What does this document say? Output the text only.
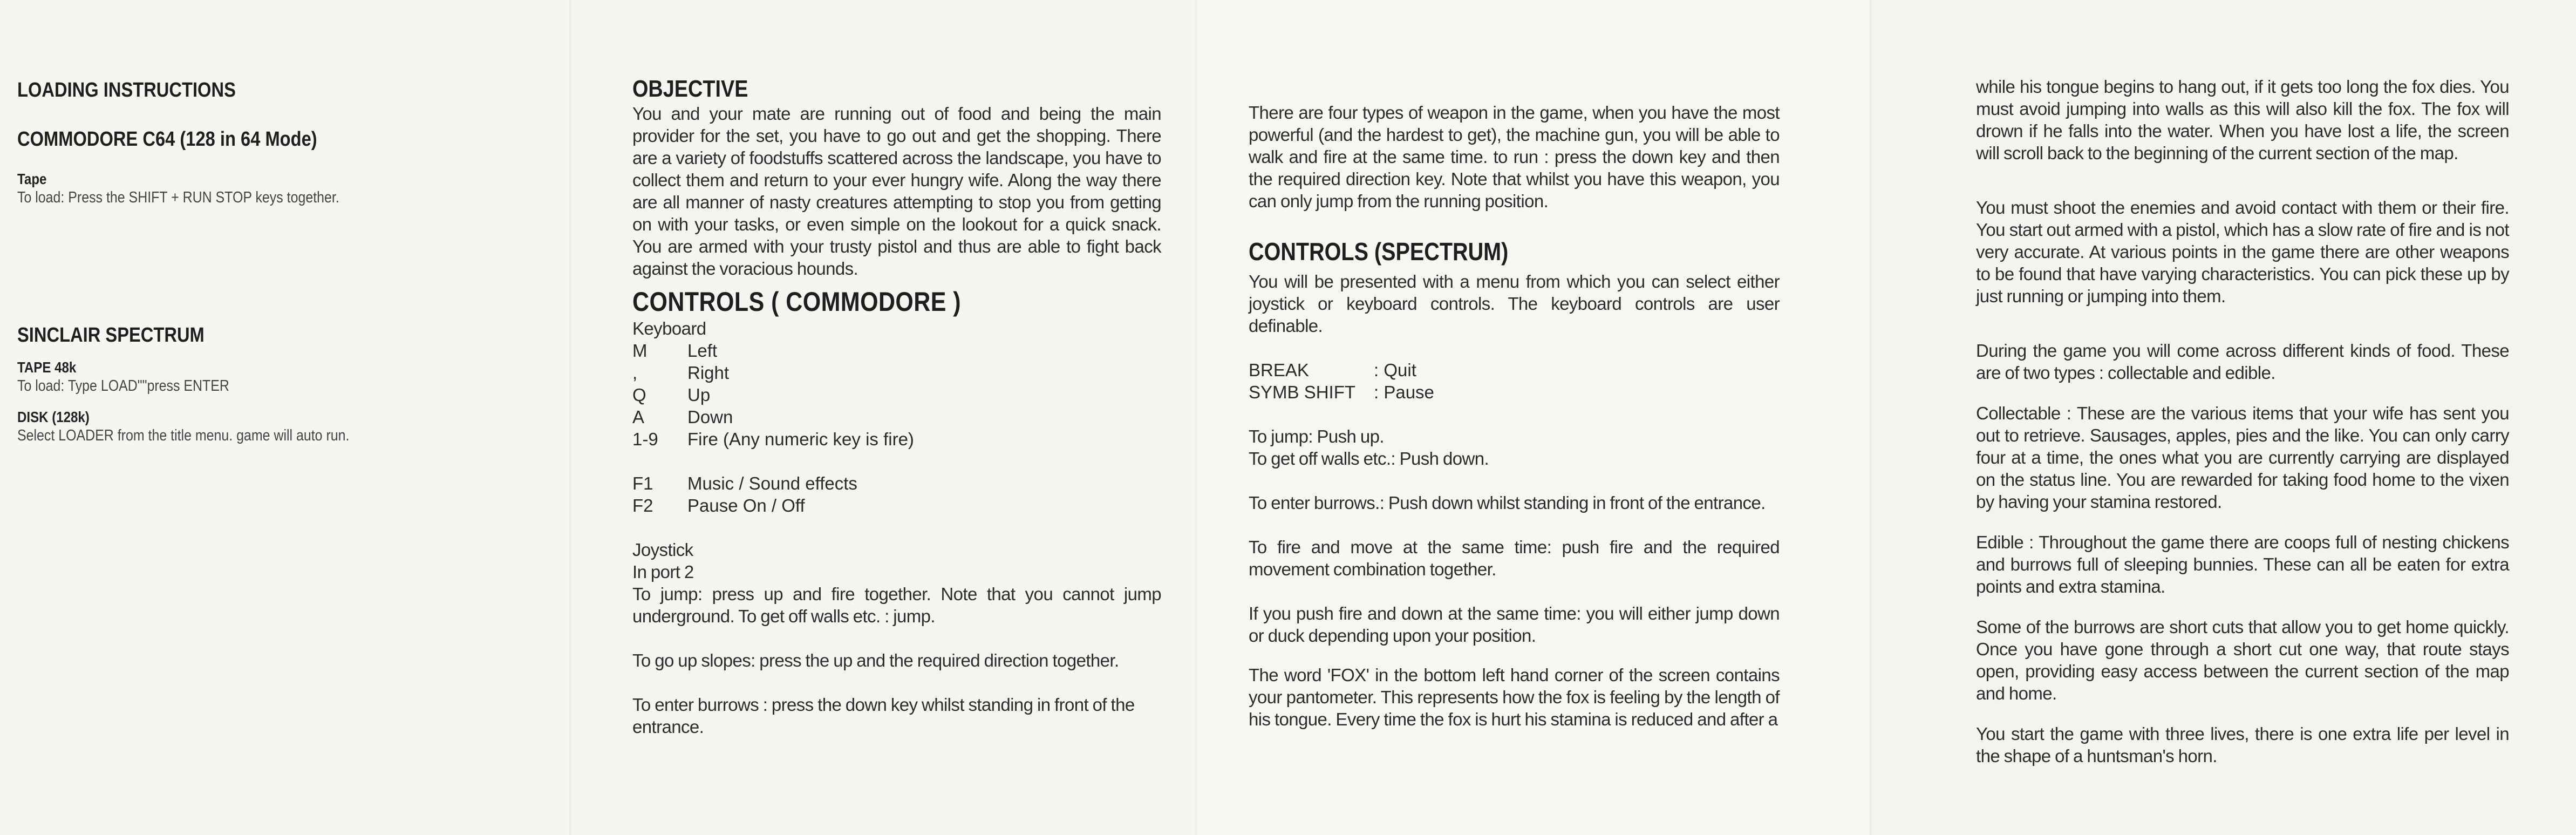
LOADING INSTRUCTIONS
COMMODORE C64 (128 in 64 Mode)

Tape

To load: Press the SHIFT + RUN STOP keys together.

SINCLAIR SPECTRUM

TAPE 48k

To load: Type LOAD""press ENTER

DISK (128k)

Select LOADER from the title menu. game will auto run.

OBJECTIVE

You and your mate are running out of food and being the main provider for the set, you have to go out and get the shopping. There are a variety of foodstuffs scattered across the landscape, you have to collect them and return to your ever hungry wife. Along the way there are all manner of nasty creatures attempting to stop you from getting on with your tasks, or even simple on the lookout for a quick snack. You are armed with your trusty pistol and thus are able to fight back against the voracious hounds.

CONTROLS ( COMMODORE )

Keyboard

M	Left
,	Right
Q	Up
A	Down
1-9	Fire (Any numeric key is fire)
F1	Music / Sound effects
F2	Pause On / Off

Joystick

In port 2

To jump: press up and fire together. Note that you cannot jump underground. To get off walls etc. : jump.

To go up slopes: press the up and the required direction together.

To enter burrows : press the down key whilst standing in front of the entrance.

There are four types of weapon in the game, when you have the most powerful (and the hardest to get), the machine gun, you will be able to walk and fire at the same time. to run : press the down key and then the required direction key. Note that whilst you have this weapon, you can only jump from the running position.

CONTROLS (SPECTRUM)

You will be presented with a menu from which you can select either joystick or keyboard controls. The keyboard controls are user definable.

BREAK	: Quit
SYMB SHIFT	: Pause

To jump: Push up.

To get off walls etc.: Push down.

To enter burrows.: Push down whilst standing in front of the entrance.

To fire and move at the same time: push fire and the required movement combination together.

If you push fire and down at the same time: you will either jump down or duck depending upon your position.

The word 'FOX' in the bottom left hand corner of the screen contains your pantometer. This represents how the fox is feeling by the length of his tongue. Every time the fox is hurt his stamina is reduced and after a

while his tongue begins to hang out, if it gets too long the fox dies. You must avoid jumping into walls as this will also kill the fox. The fox will drown if he falls into the water. When you have lost a life, the screen will scroll back to the beginning of the current section of the map.

You must shoot the enemies and avoid contact with them or their fire. You start out armed with a pistol, which has a slow rate of fire and is not very accurate. At various points in the game there are other weapons to be found that have varying characteristics. You can pick these up by just running or jumping into them.

During the game you will come across different kinds of food. These are of two types : collectable and edible.

Collectable : These are the various items that your wife has sent you out to retrieve. Sausages, apples, pies and the like. You can only carry four at a time, the ones what you are currently carrying are displayed on the status line. You are rewarded for taking food home to the vixen by having your stamina restored.

Edible : Throughout the game there are coops full of nesting chickens and burrows full of sleeping bunnies. These can all be eaten for extra points and extra stamina.

Some of the burrows are short cuts that allow you to get home quickly. Once you have gone through a short cut one way, that route stays open, providing easy access between the current section of the map and home.

You start the game with three lives, there is one extra life per level in the shape of a huntsman's horn.
